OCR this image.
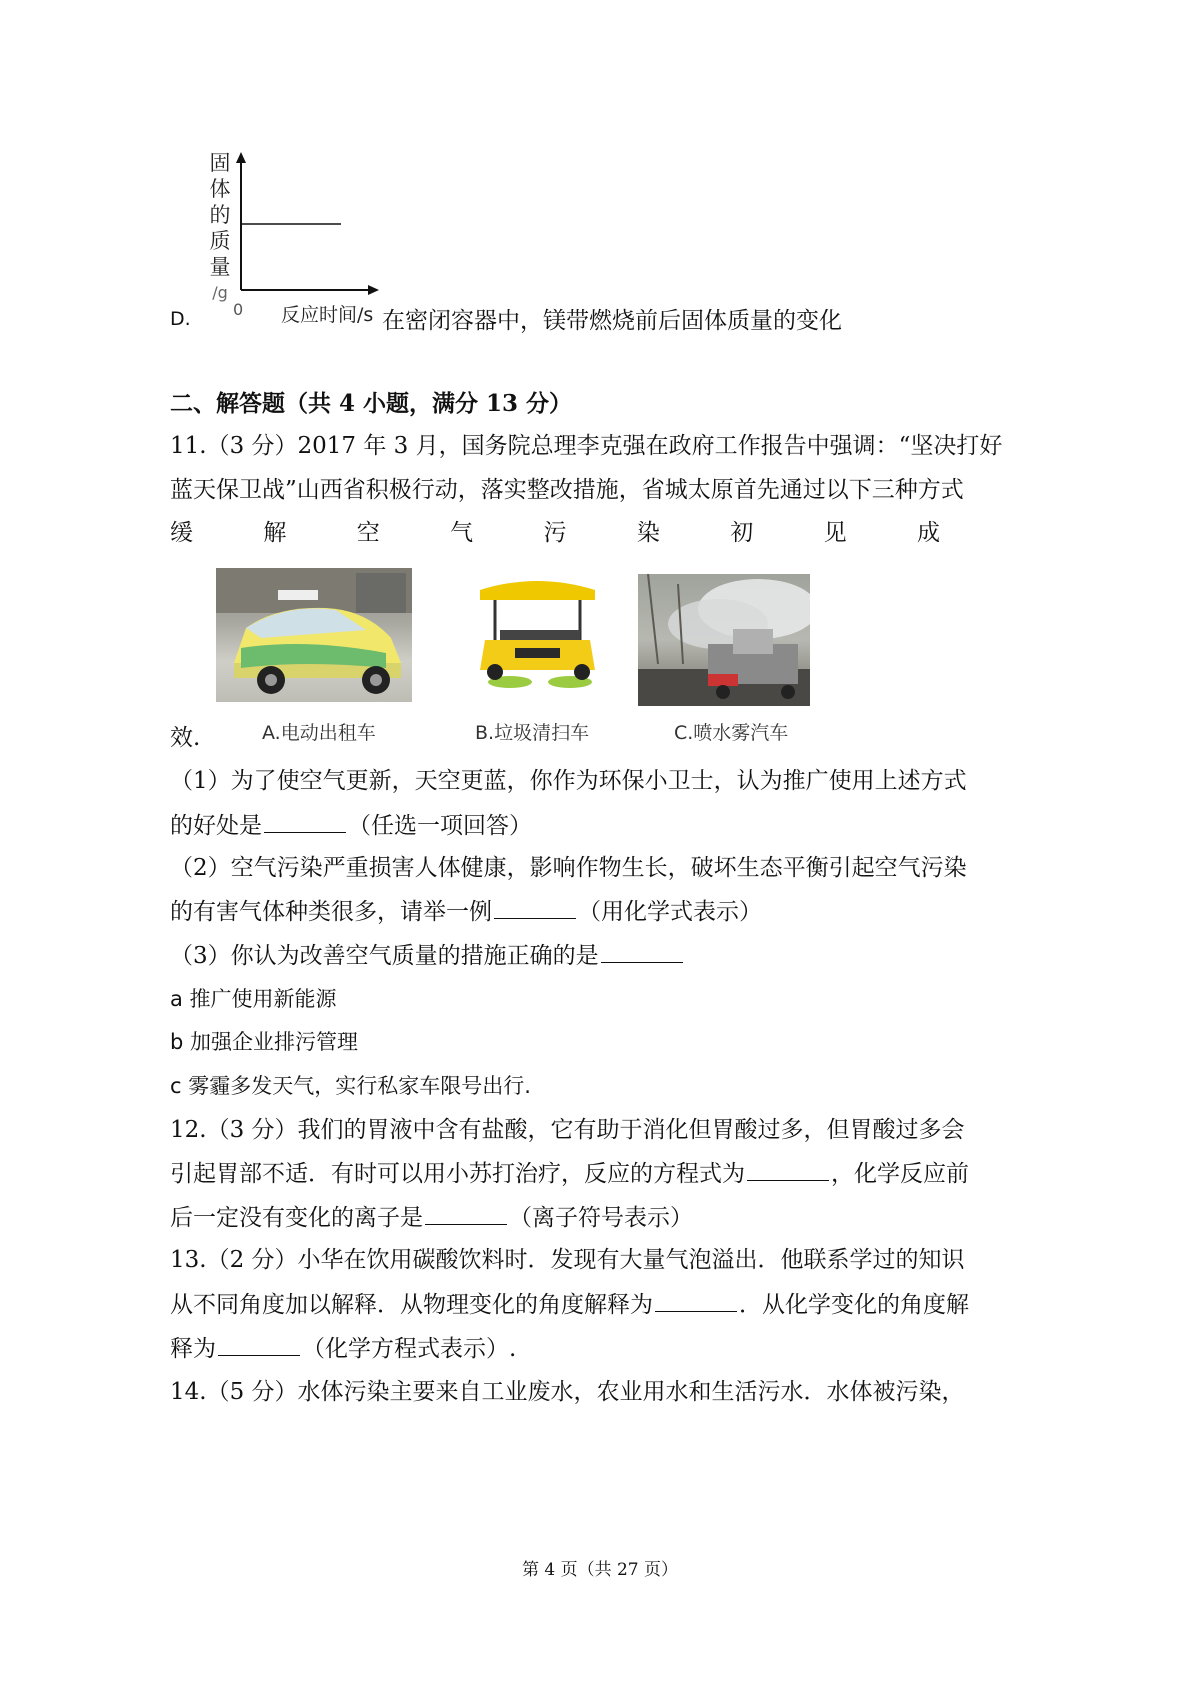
固
体
的
质
量
/g
0 反应时间/s
D.	在密闭容器中，镁带燃烧前后固体质量的变化
二、解答题（共 4 小题，满分 13 分）
11.（3 分）2017 年 3 月，国务院总理李克强在政府工作报告中强调：“坚决打好
蓝天保卫战”山西省积极行动，落实整改措施，省城太原首先通过以下三种方式
缓	解	空	气	污	染	初	见	成
A.电动出租车	B.垃圾清扫车	C.喷水雾汽车
效.
（1）为了使空气更新，天空更蓝，你作为环保小卫士，认为推广使用上述方式
的好处是	（任选一项回答）
（2）空气污染严重损害人体健康，影响作物生长，破坏生态平衡引起空气污染
的有害气体种类很多，请举一例	（用化学式表示）
（3）你认为改善空气质量的措施正确的是
a 推广使用新能源
b 加强企业排污管理
c 雾霾多发天气，实行私家车限号出行.
12.（3 分）我们的胃液中含有盐酸，它有助于消化但胃酸过多，但胃酸过多会
引起胃部不适．有时可以用小苏打治疗，反应的方程式为	，化学反应前
后一定没有变化的离子是	（离子符号表示）
13.（2 分）小华在饮用碳酸饮料时．发现有大量气泡溢出．他联系学过的知识
从不同角度加以解释．从物理变化的角度解释为	．从化学变化的角度解
释为	（化学方程式表示）.
14.（5 分）水体污染主要来自工业废水，农业用水和生活污水．水体被污染，
第 4 页（共 27 页）
